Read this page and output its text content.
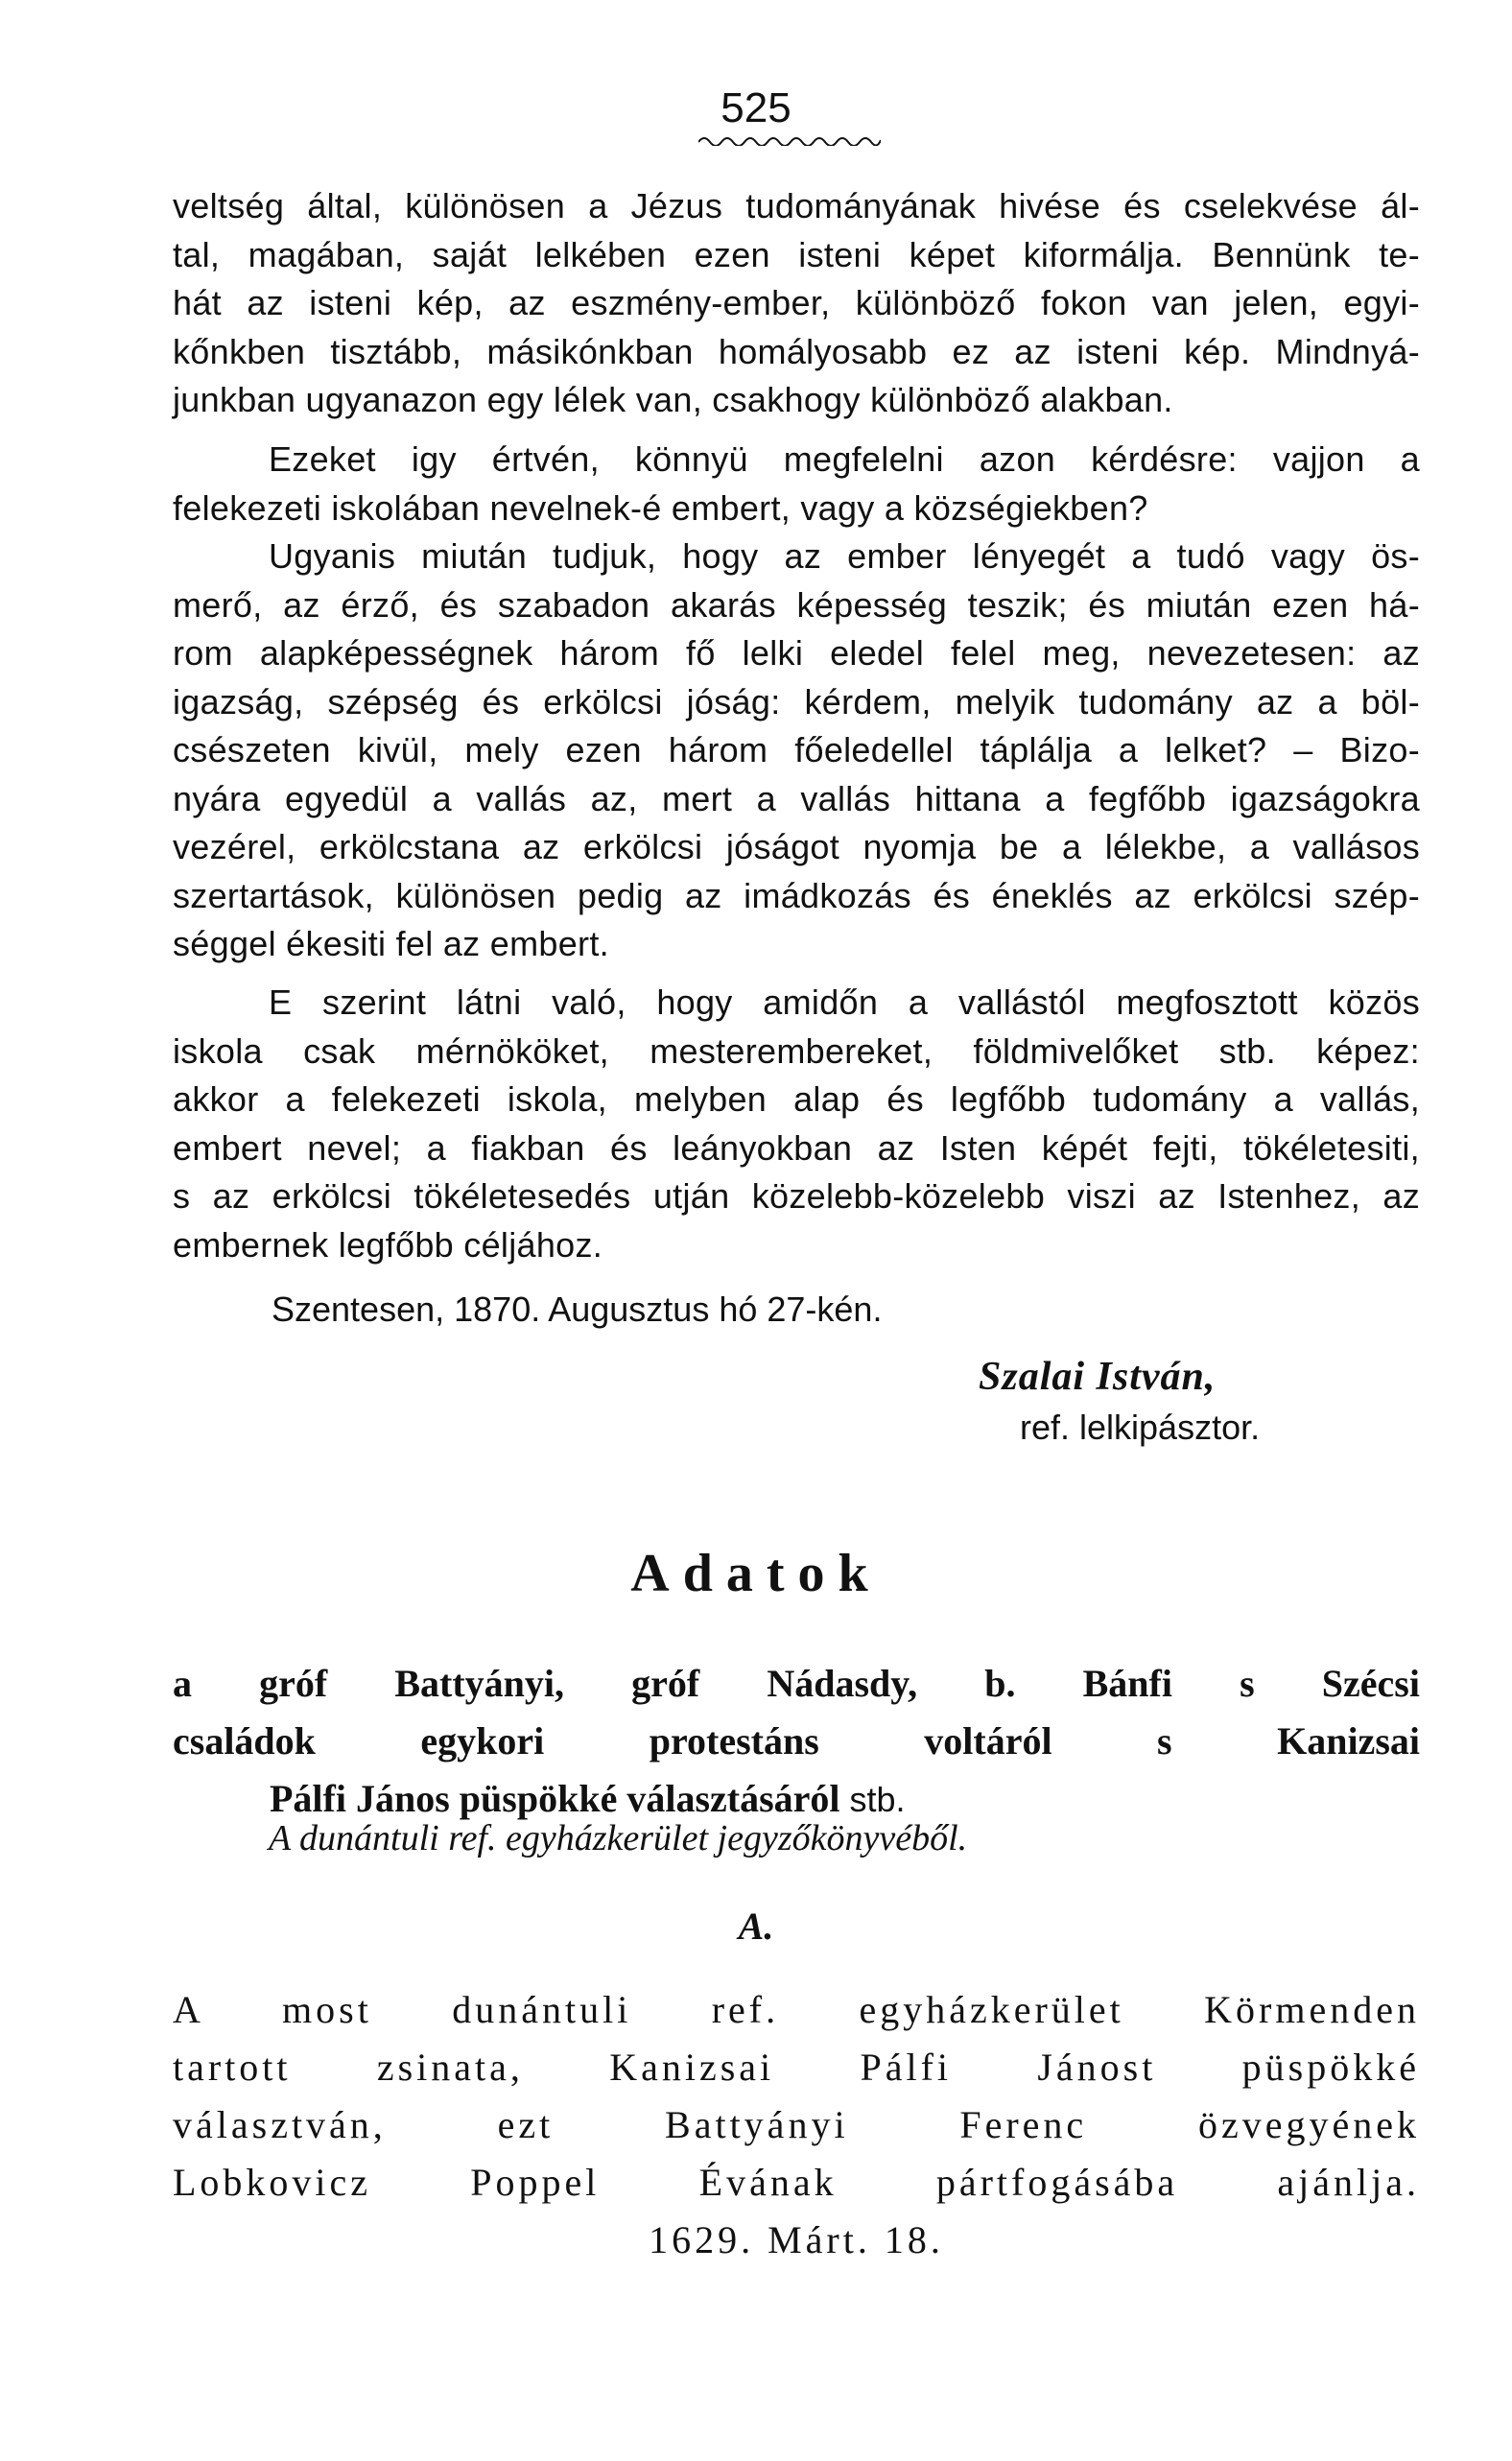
525
veltség által, különösen a Jézus tudományának hivése és cselekvése ál-
tal, magában, saját lelkében ezen isteni képet kiformálja. Bennünk te-
hát az isteni kép, az eszmény-ember, különböző fokon van jelen, egyi-
kőnkben tisztább, másikónkban homályosabb ez az isteni kép. Mindnyá-
junkban ugyanazon egy lélek van, csakhogy különböző alakban.
Ezeket igy értvén, könnyü megfelelni azon kérdésre: vajjon a
felekezeti iskolában nevelnek-é embert, vagy a községiekben?
Ugyanis miután tudjuk, hogy az ember lényegét a tudó vagy ös-
merő, az érző, és szabadon akarás képesség teszik; és miután ezen há-
rom alapképességnek három fő lelki eledel felel meg, nevezetesen: az
igazság, szépség és erkölcsi jóság: kérdem, melyik tudomány az a böl-
csészeten kivül, mely ezen három főeledellel táplálja a lelket? – Bizo-
nyára egyedül a vallás az, mert a vallás hittana a fegfőbb igazságokra
vezérel, erkölcstana az erkölcsi jóságot nyomja be a lélekbe, a vallásos
szertartások, különösen pedig az imádkozás és éneklés az erkölcsi szép-
séggel ékesiti fel az embert.
E szerint látni való, hogy amidőn a vallástól megfosztott közös
iskola csak mérnököket, mesterembereket, földmivelőket stb. képez:
akkor a felekezeti iskola, melyben alap és legfőbb tudomány a vallás,
embert nevel; a fiakban és leányokban az Isten képét fejti, tökéletesiti,
s az erkölcsi tökéletesedés utján közelebb-közelebb viszi az Istenhez, az
embernek legfőbb céljához.
Szentesen, 1870. Augusztus hó 27-kén.
Szalai István,
ref. lelkipásztor.
Adatok
a gróf Battyányi, gróf Nádasdy, b. Bánfi s Szécsi
családok egykori protestáns voltáról s Kanizsai
Pálfi János püspökké választásáról stb.
A dunántuli ref. egyházkerület jegyzőkönyvéből.
A.
A most dunántuli ref. egyházkerület Körmenden
tartott zsinata, Kanizsai Pálfi Jánost püspökké
választván, ezt Battyányi Ferenc özvegyének
Lobkovicz Poppel Évának pártfogásába ajánlja.
1629. Márt. 18.
